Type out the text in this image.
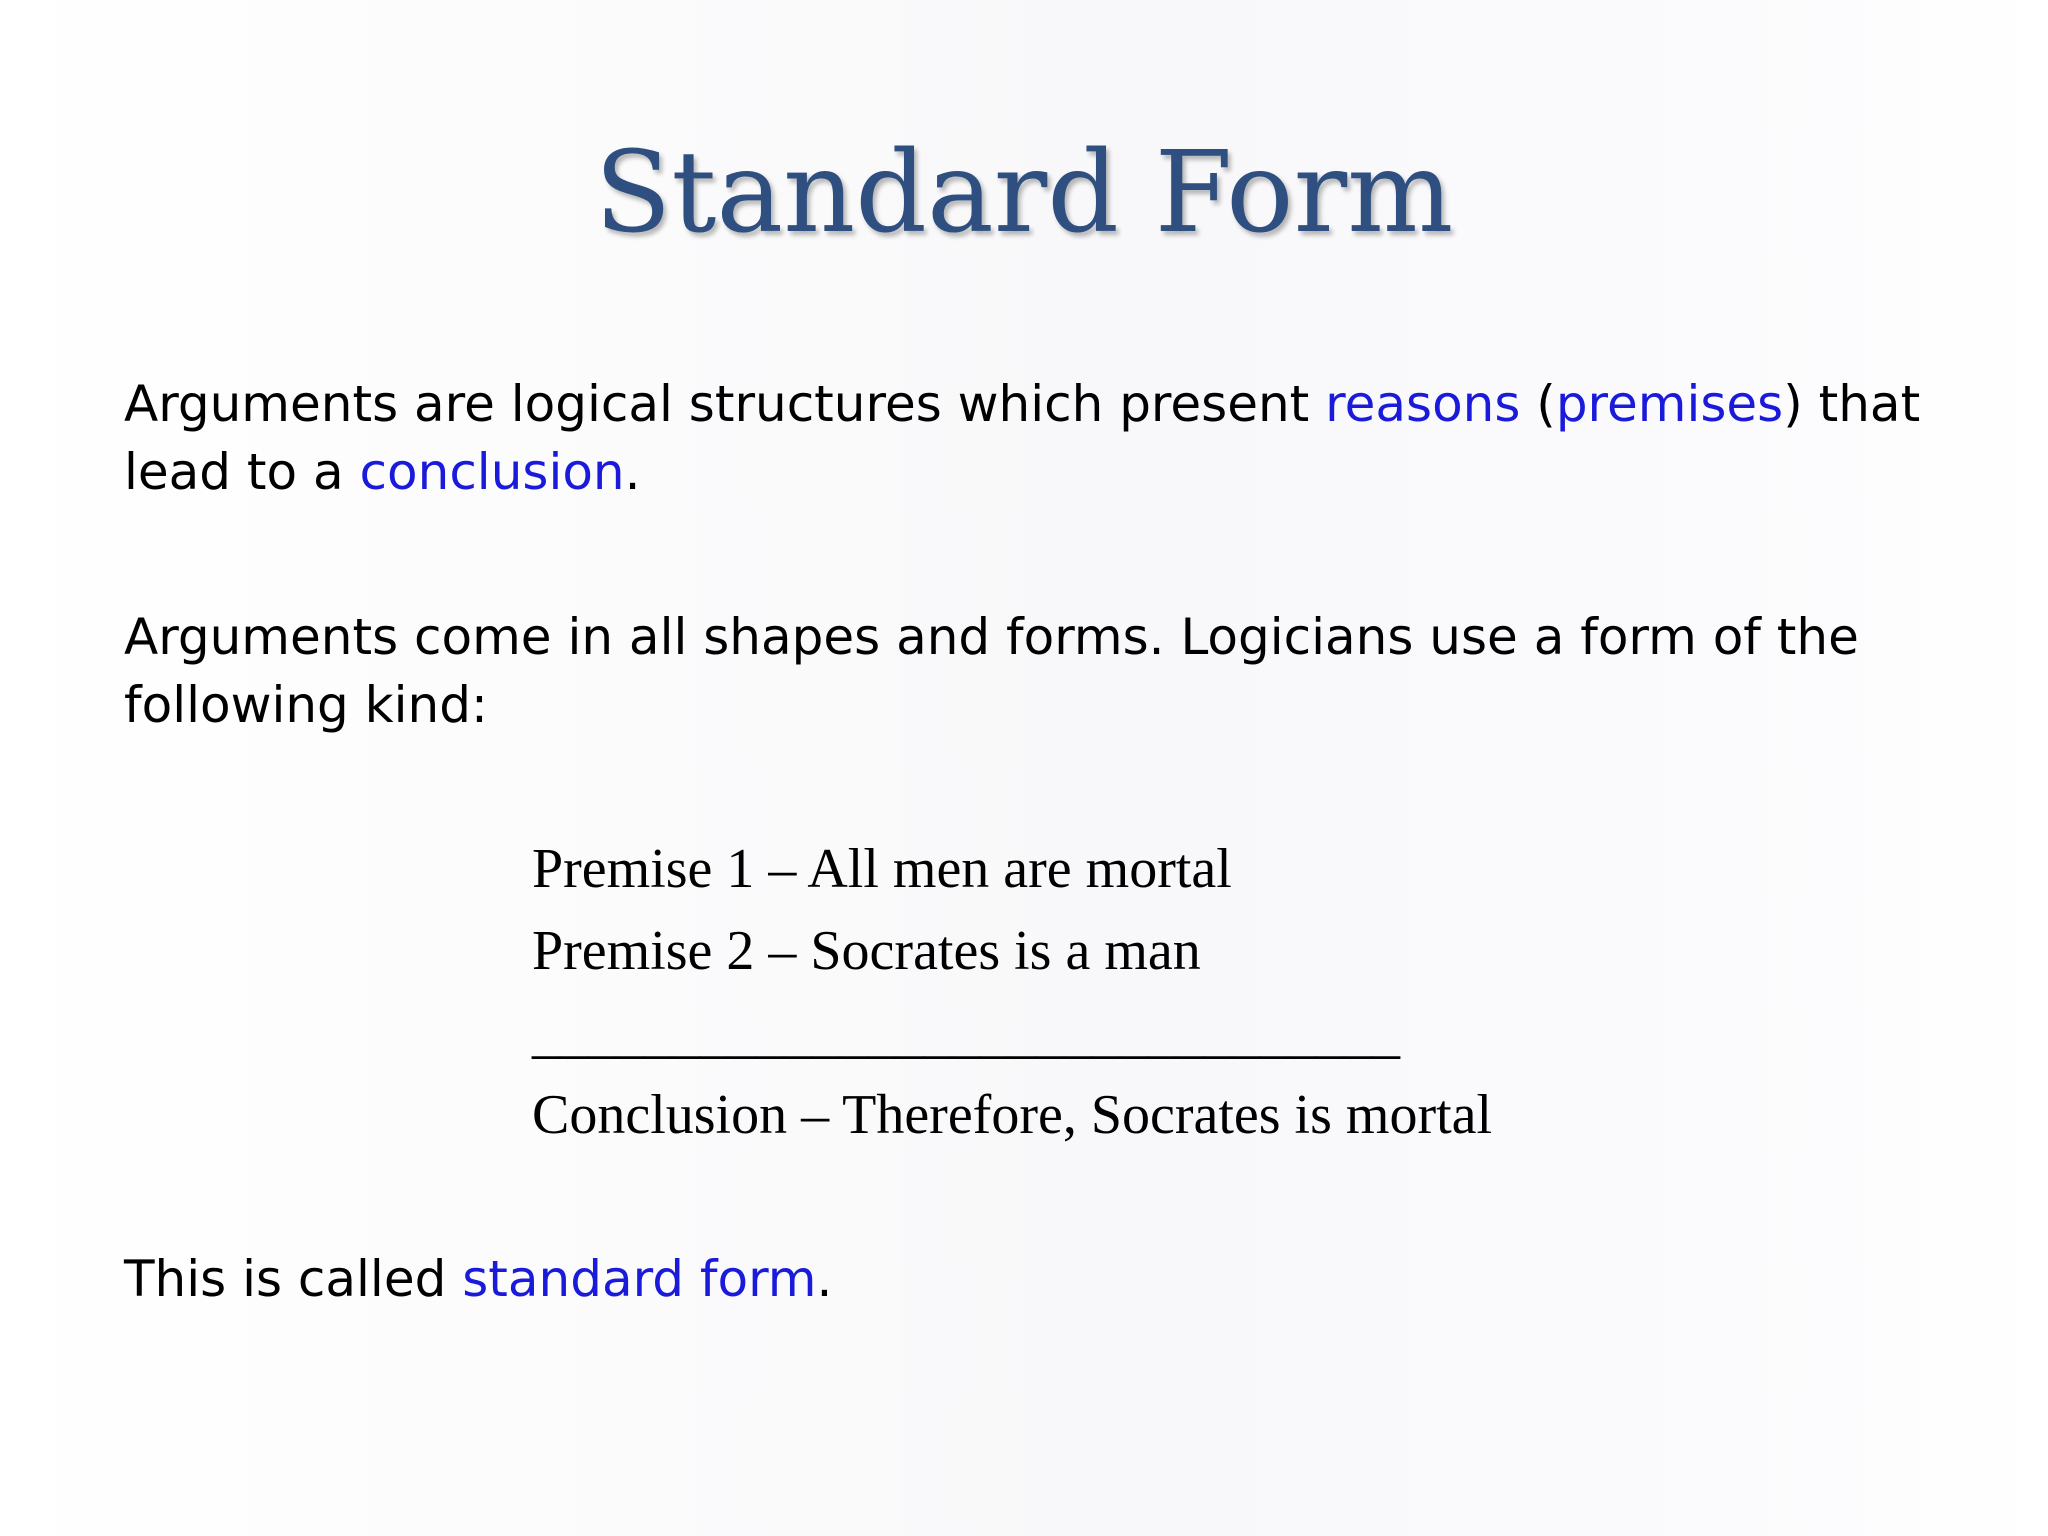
Standard Form

Arguments are logical structures which present reasons (premises) that lead to a conclusion.

Arguments come in all shapes and forms. Logicians use a form of the following kind:

Premise 1 – All men are mortal
Premise 2 – Socrates is a man
_______________________________
Conclusion – Therefore, Socrates is mortal

This is called standard form.
